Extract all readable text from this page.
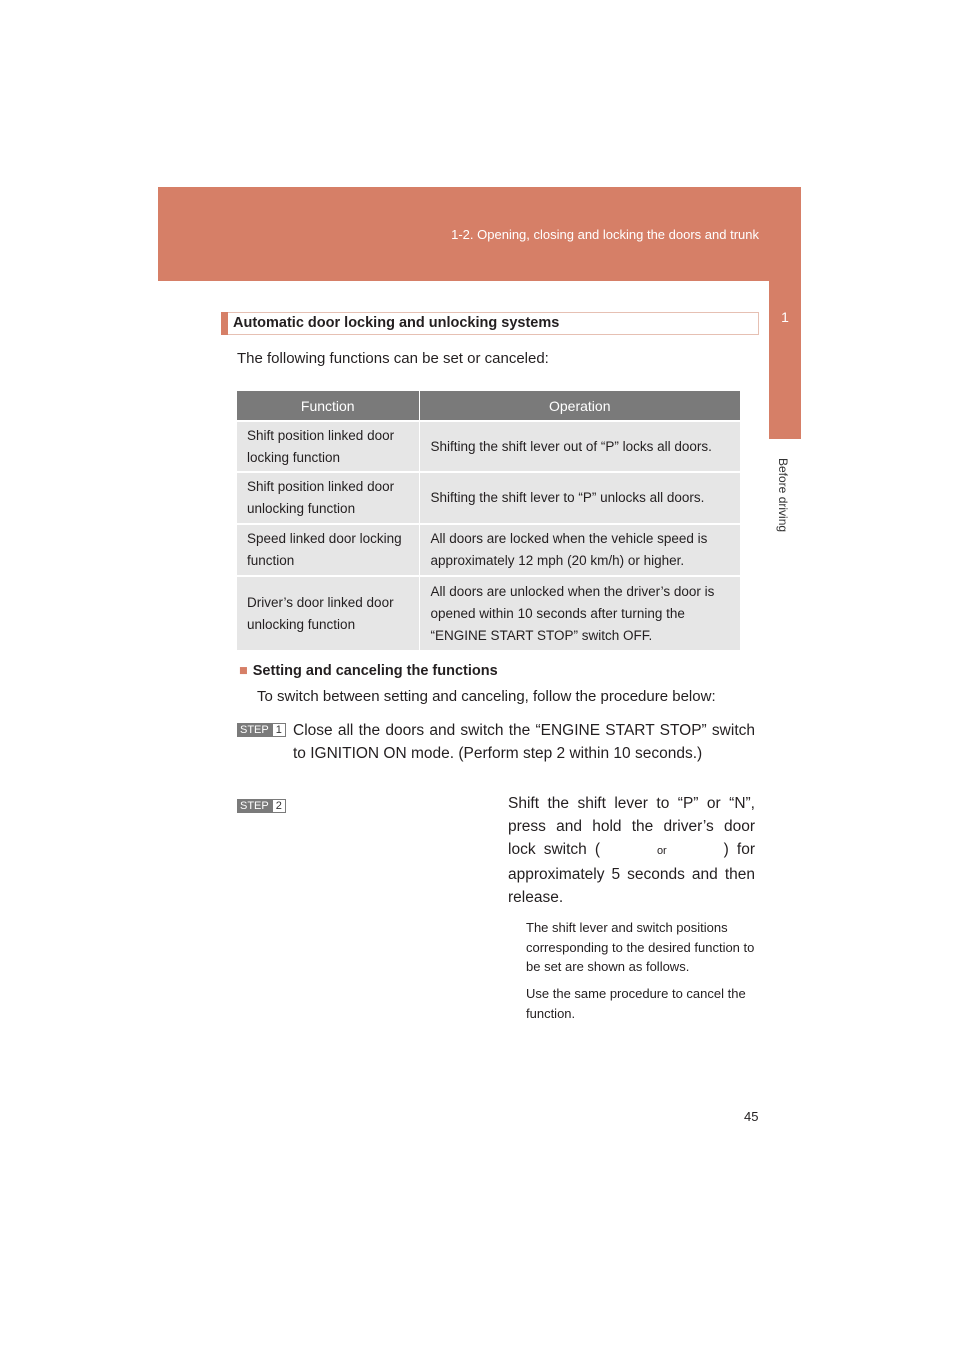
1-2. Opening, closing and locking the doors and trunk
1
Before driving
Automatic door locking and unlocking systems
The following functions can be set or canceled:
Function	Operation
Shift position linked door locking function	Shifting the shift lever out of “P” locks all doors.
Shift position linked door unlocking function	Shifting the shift lever to “P” unlocks all doors.
Speed linked door locking function	All doors are locked when the vehicle speed is approximately 12 mph (20 km/h) or higher.
Driver’s door linked door unlocking function	All doors are unlocked when the driver’s door is opened within 10 seconds after turning the “ENGINE START STOP” switch OFF.
■ Setting and canceling the functions
To switch between setting and canceling, follow the procedure below:
STEP 1 Close all the doors and switch the “ENGINE START STOP” switch to IGNITION ON mode. (Perform step 2 within 10 seconds.)
STEP 2	Shift the shift lever to “P” or “N”, press and hold the driver’s door lock switch (	or	) for approximately 5 seconds and then release.
The shift lever and switch positions corresponding to the desired function to be set are shown as follows.
Use the same procedure to cancel the function.
45
